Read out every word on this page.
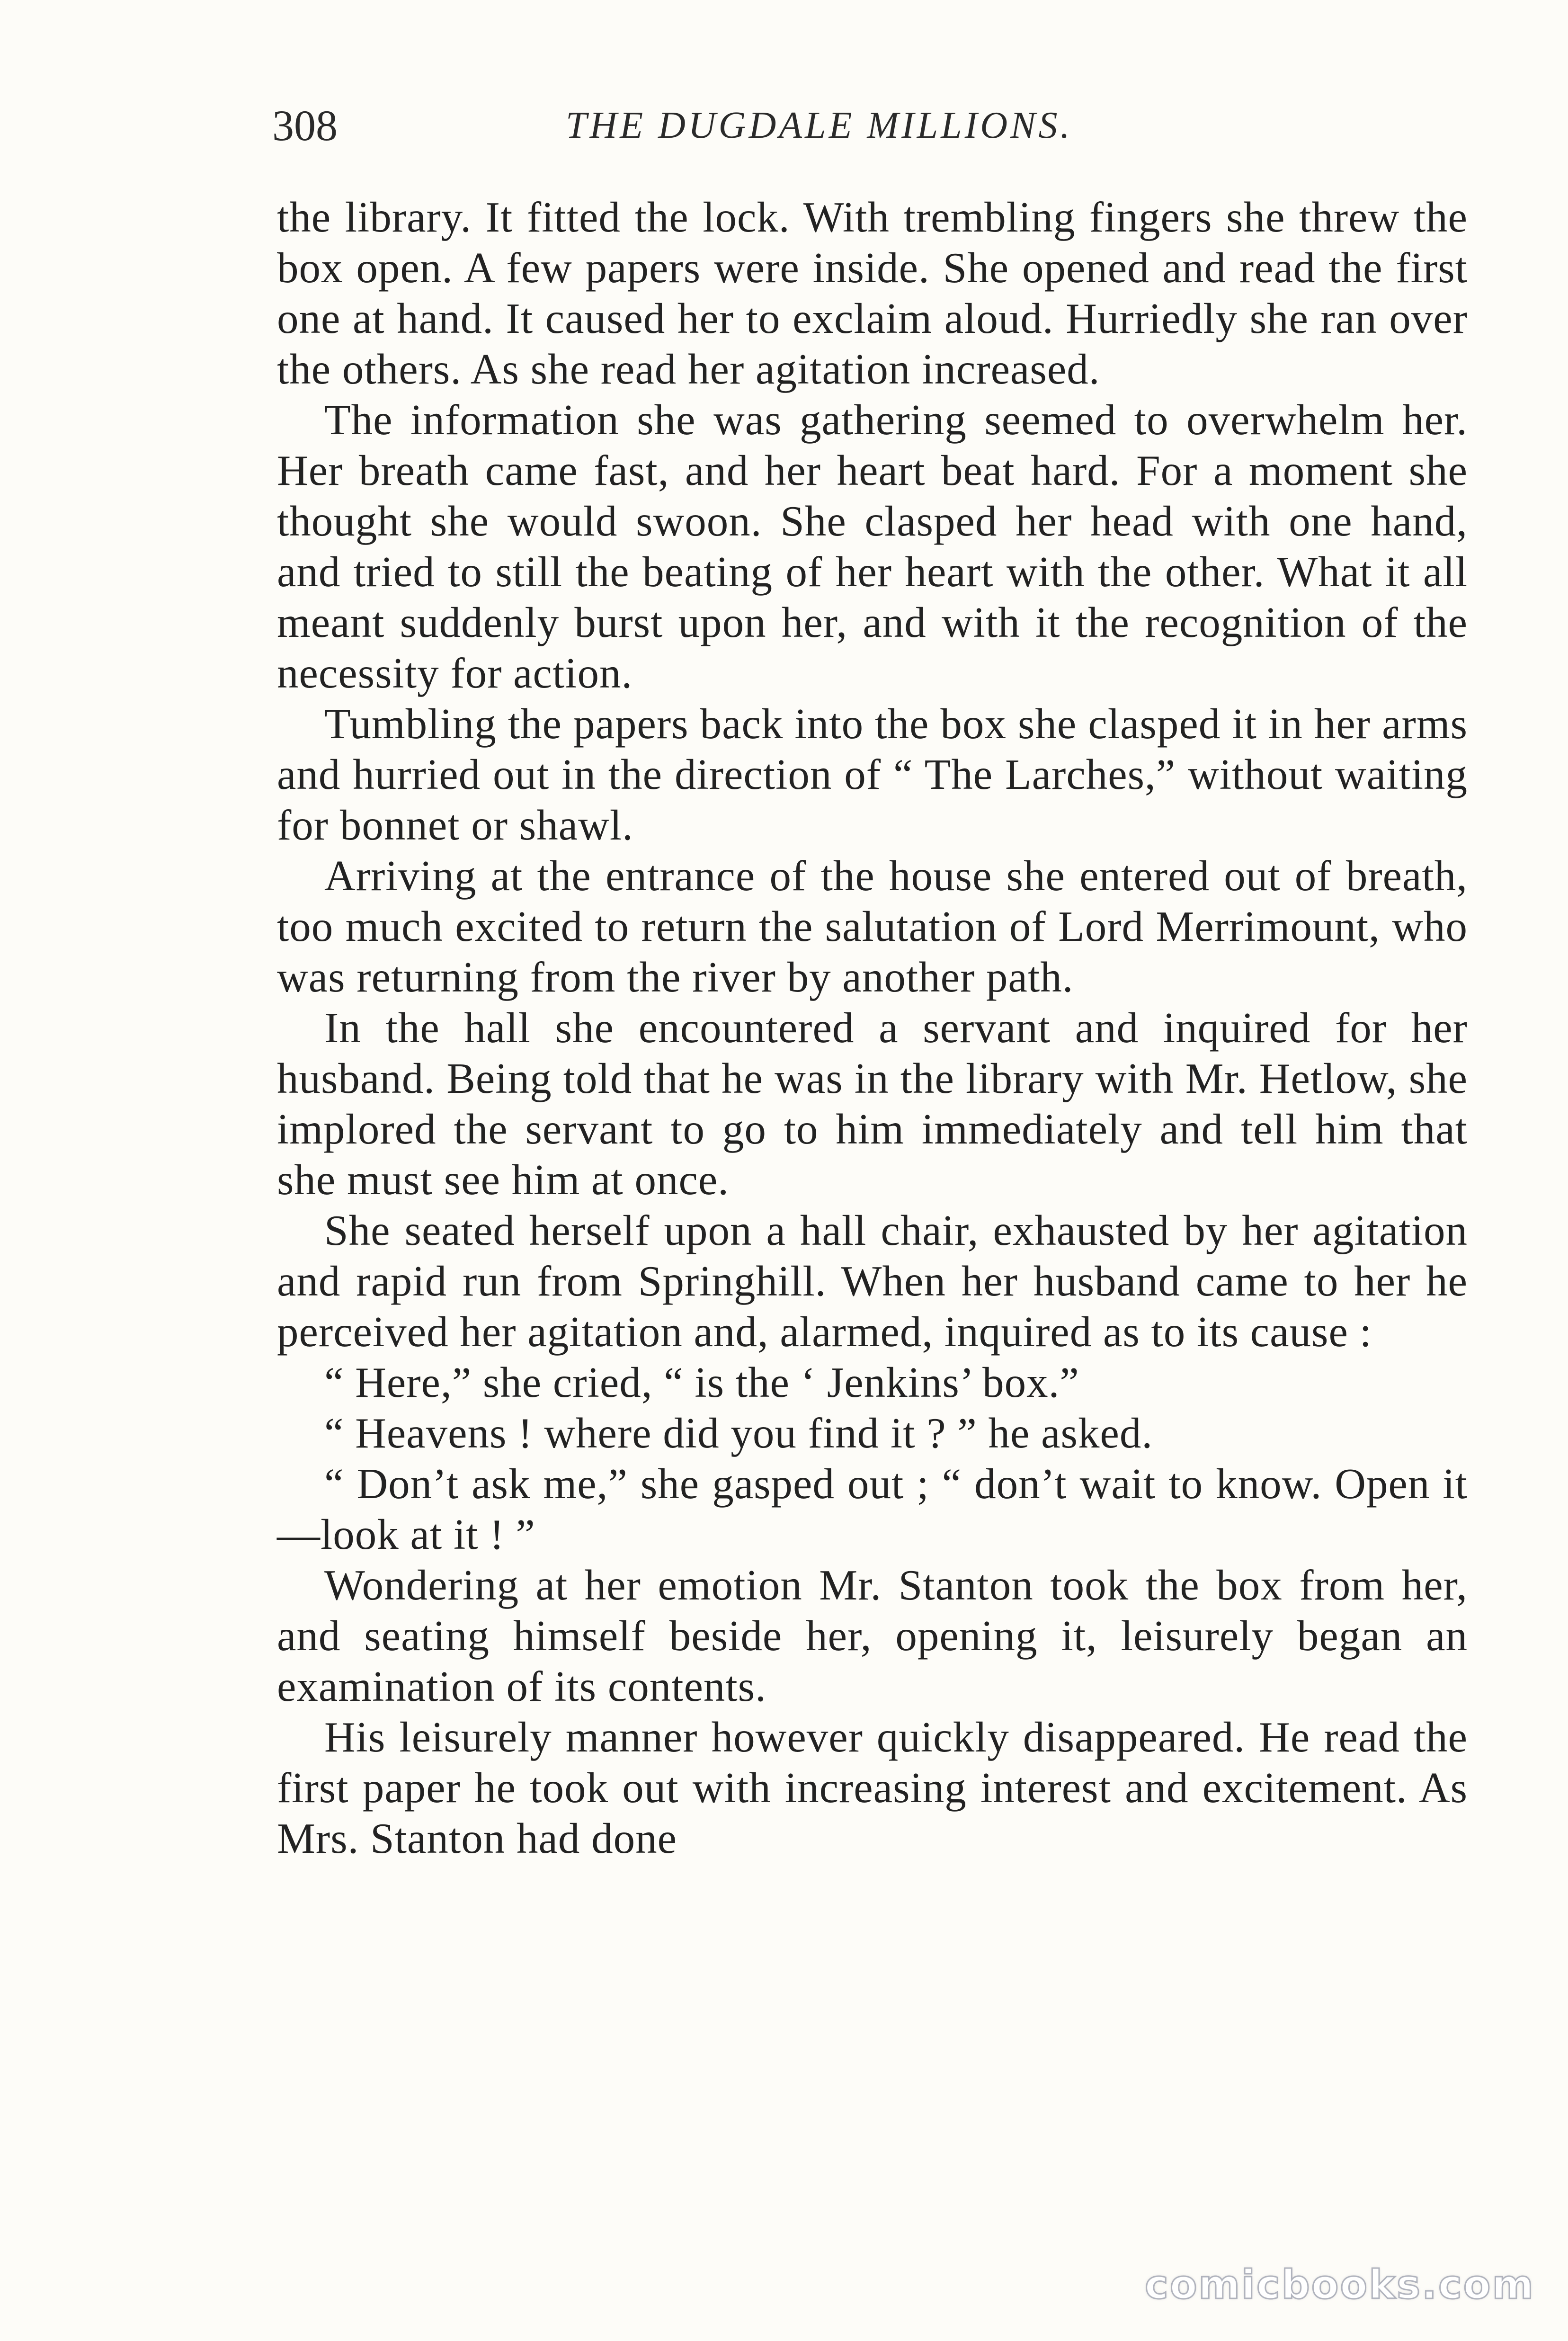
308	THE DUGDALE MILLIONS.

the library. It fitted the lock. With trembling fingers she threw the box open. A few papers were inside. She opened and read the first one at hand. It caused her to exclaim aloud. Hurriedly she ran over the others. As she read her agitation increased.

The information she was gathering seemed to overwhelm her. Her breath came fast, and her heart beat hard. For a moment she thought she would swoon. She clasped her head with one hand, and tried to still the beating of her heart with the other. What it all meant suddenly burst upon her, and with it the recognition of the necessity for action.

Tumbling the papers back into the box she clasped it in her arms and hurried out in the direction of “ The Larches,” without waiting for bonnet or shawl.

Arriving at the entrance of the house she entered out of breath, too much excited to return the salutation of Lord Merrimount, who was returning from the river by another path.

In the hall she encountered a servant and inquired for her husband. Being told that he was in the library with Mr. Hetlow, she implored the servant to go to him immediately and tell him that she must see him at once.

She seated herself upon a hall chair, exhausted by her agitation and rapid run from Springhill. When her husband came to her he perceived her agitation and, alarmed, inquired as to its cause :

“ Here,” she cried, “ is the ‘ Jenkins’ box.”

“ Heavens ! where did you find it ? ” he asked.

“ Don’t ask me,” she gasped out ; “ don’t wait to know. Open it—look at it ! ”

Wondering at her emotion Mr. Stanton took the box from her, and seating himself beside her, opening it, leisurely began an examination of its contents.

His leisurely manner however quickly disappeared. He read the first paper he took out with increasing interest and excitement. As Mrs. Stanton had done

comicbooks.com
